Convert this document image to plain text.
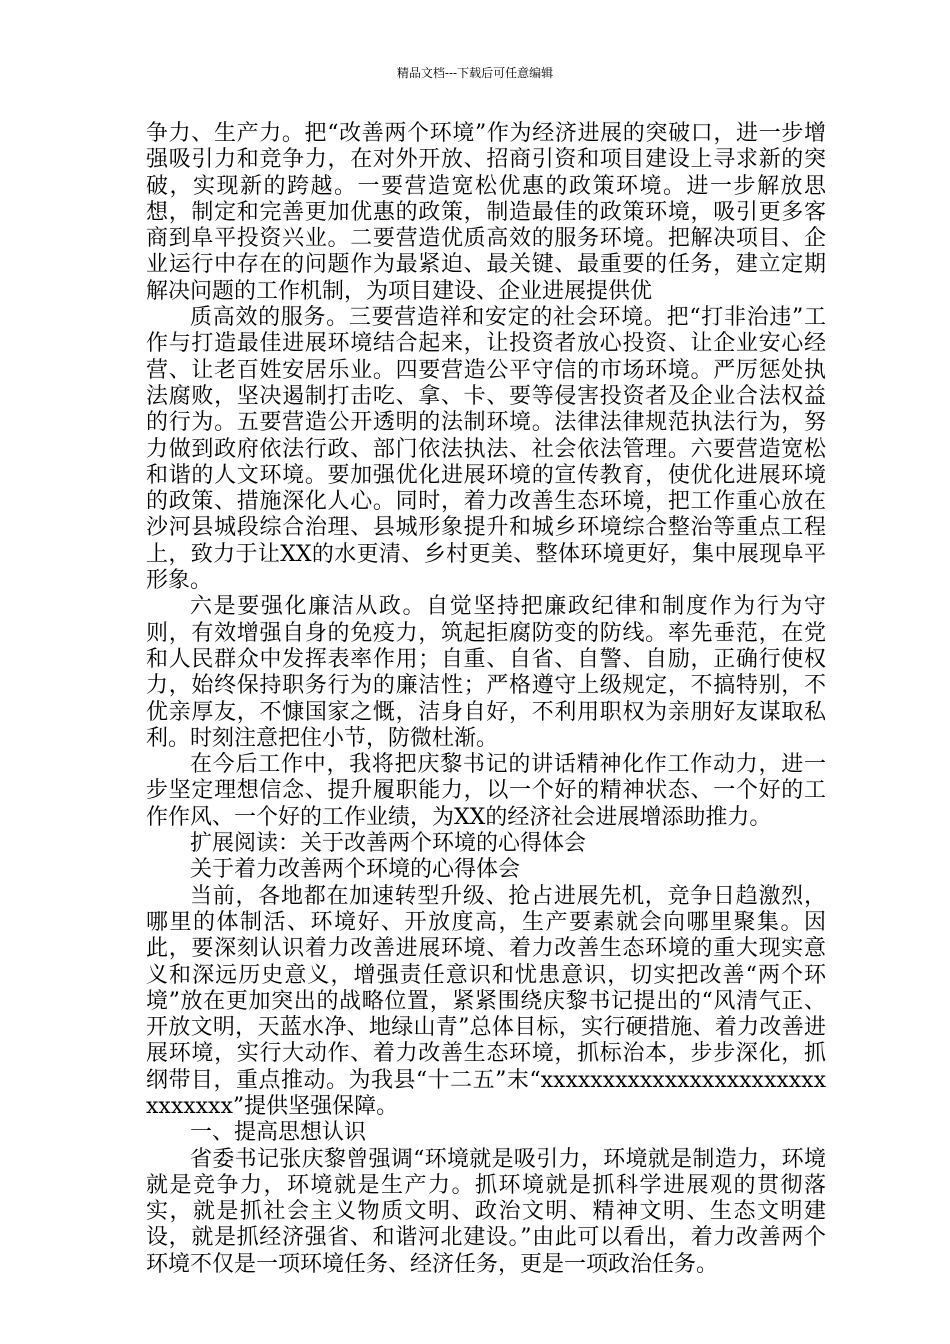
精品文档---下载后可任意编辑

争力、生产力。把“改善两个环境”作为经济进展的突破口，进一步增强吸引力和竞争力，在对外开放、招商引资和项目建设上寻求新的突破，实现新的跨越。一要营造宽松优惠的政策环境。进一步解放思想，制定和完善更加优惠的政策，制造最佳的政策环境，吸引更多客商到阜平投资兴业。二要营造优质高效的服务环境。把解决项目、企业运行中存在的问题作为最紧迫、最关键、最重要的任务，建立定期解决问题的工作机制，为项目建设、企业进展提供优

质高效的服务。三要营造祥和安定的社会环境。把“打非治违”工作与打造最佳进展环境结合起来，让投资者放心投资、让企业安心经营、让老百姓安居乐业。四要营造公平守信的市场环境。严厉惩处执法腐败，坚决遏制打击吃、拿、卡、要等侵害投资者及企业合法权益的行为。五要营造公开透明的法制环境。法律法律规范执法行为，努力做到政府依法行政、部门依法执法、社会依法管理。六要营造宽松和谐的人文环境。要加强优化进展环境的宣传教育，使优化进展环境的政策、措施深化人心。同时，着力改善生态环境，把工作重心放在沙河县城段综合治理、县城形象提升和城乡环境综合整治等重点工程上，致力于让XX的水更清、乡村更美、整体环境更好，集中展现阜平形象。

六是要强化廉洁从政。自觉坚持把廉政纪律和制度作为行为守则，有效增强自身的免疫力，筑起拒腐防变的防线。率先垂范，在党和人民群众中发挥表率作用；自重、自省、自警、自励，正确行使权力，始终保持职务行为的廉洁性；严格遵守上级规定，不搞特别，不优亲厚友，不慷国家之慨，洁身自好，不利用职权为亲朋好友谋取私利。时刻注意把住小节，防微杜渐。

在今后工作中，我将把庆黎书记的讲话精神化作工作动力，进一步坚定理想信念、提升履职能力，以一个好的精神状态、一个好的工作作风、一个好的工作业绩，为XX的经济社会进展增添助推力。

扩展阅读：关于改善两个环境的心得体会

关于着力改善两个环境的心得体会

当前，各地都在加速转型升级、抢占进展先机，竞争日趋激烈，哪里的体制活、环境好、开放度高，生产要素就会向哪里聚集。因此，要深刻认识着力改善进展环境、着力改善生态环境的重大现实意义和深远历史意义，增强责任意识和忧患意识，切实把改善“两个环境”放在更加突出的战略位置，紧紧围绕庆黎书记提出的“风清气正、开放文明，天蓝水净、地绿山青”总体目标，实行硬措施、着力改善进展环境，实行大动作、着力改善生态环境，抓标治本，步步深化，抓纲带目，重点推动。为我县“十二五”末“xxxxxxxxxxxxxxxxxxxxxxxxxxxxxx”提供坚强保障。

一、提高思想认识

省委书记张庆黎曾强调“环境就是吸引力，环境就是制造力，环境就是竞争力，环境就是生产力。抓环境就是抓科学进展观的贯彻落实，就是抓社会主义物质文明、政治文明、精神文明、生态文明建设，就是抓经济强省、和谐河北建设。”由此可以看出，着力改善两个环境不仅是一项环境任务、经济任务，更是一项政治任务。
